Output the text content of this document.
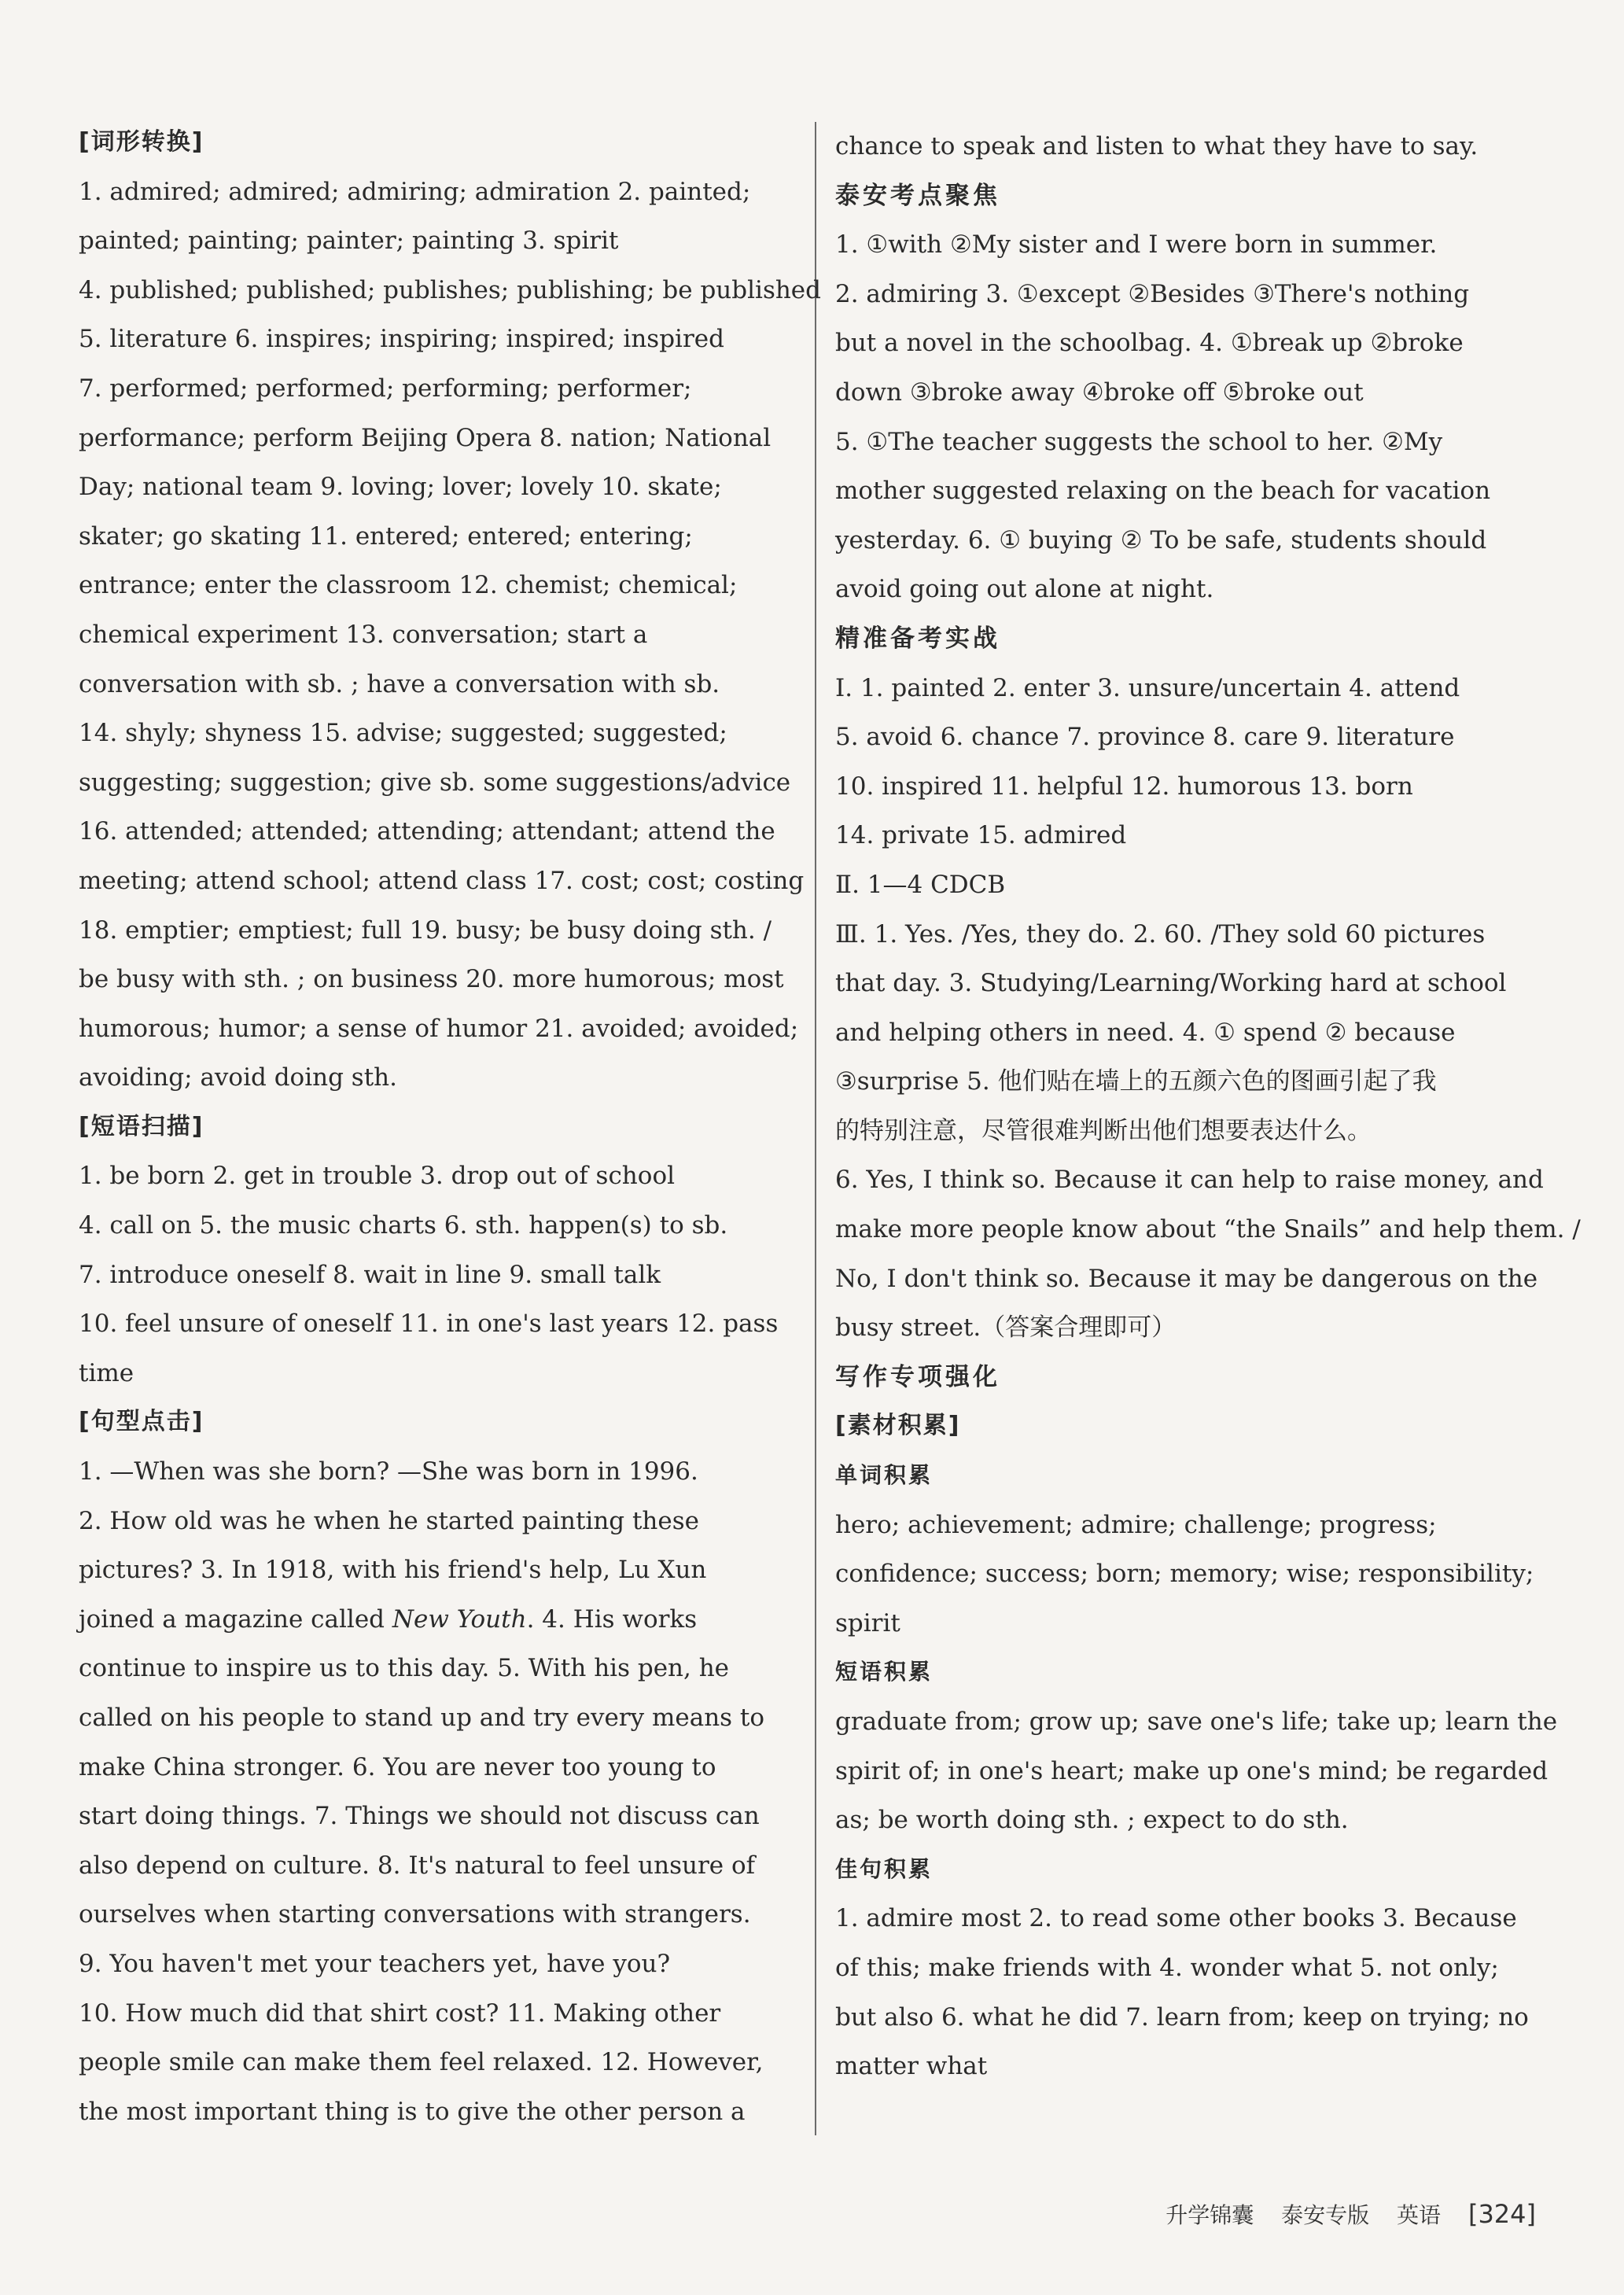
[词形转换]
1. admired; admired; admiring; admiration 2. painted;
painted; painting; painter; painting 3. spirit
4. published; published; publishes; publishing; be published
5. literature 6. inspires; inspiring; inspired; inspired
7. performed; performed; performing; performer;
performance; perform Beijing Opera 8. nation; National
Day; national team 9. loving; lover; lovely 10. skate;
skater; go skating 11. entered; entered; entering;
entrance; enter the classroom 12. chemist; chemical;
chemical experiment 13. conversation; start a
conversation with sb. ; have a conversation with sb.
14. shyly; shyness 15. advise; suggested; suggested;
suggesting; suggestion; give sb. some suggestions/advice
16. attended; attended; attending; attendant; attend the
meeting; attend school; attend class 17. cost; cost; costing
18. emptier; emptiest; full 19. busy; be busy doing sth. /
be busy with sth. ; on business 20. more humorous; most
humorous; humor; a sense of humor 21. avoided; avoided;
avoiding; avoid doing sth.
[短语扫描]
1. be born 2. get in trouble 3. drop out of school
4. call on 5. the music charts 6. sth. happen(s) to sb.
7. introduce oneself 8. wait in line 9. small talk
10. feel unsure of oneself 11. in one's last years 12. pass
time
[句型点击]
1. —When was she born? —She was born in 1996.
2. How old was he when he started painting these
pictures? 3. In 1918, with his friend's help, Lu Xun
joined a magazine called New Youth. 4. His works
continue to inspire us to this day. 5. With his pen, he
called on his people to stand up and try every means to
make China stronger. 6. You are never too young to
start doing things. 7. Things we should not discuss can
also depend on culture. 8. It's natural to feel unsure of
ourselves when starting conversations with strangers.
9. You haven't met your teachers yet, have you?
10. How much did that shirt cost? 11. Making other
people smile can make them feel relaxed. 12. However,
the most important thing is to give the other person a
chance to speak and listen to what they have to say.
泰安考点聚焦
1. ①with ②My sister and I were born in summer.
2. admiring 3. ①except ②Besides ③There's nothing
but a novel in the schoolbag. 4. ①break up ②broke
down ③broke away ④broke off ⑤broke out
5. ①The teacher suggests the school to her. ②My
mother suggested relaxing on the beach for vacation
yesterday. 6. ① buying ② To be safe, students should
avoid going out alone at night.
精准备考实战
Ⅰ. 1. painted 2. enter 3. unsure/uncertain 4. attend
5. avoid 6. chance 7. province 8. care 9. literature
10. inspired 11. helpful 12. humorous 13. born
14. private 15. admired
Ⅱ. 1—4 CDCB
Ⅲ. 1. Yes. /Yes, they do. 2. 60. /They sold 60 pictures
that day. 3. Studying/Learning/Working hard at school
and helping others in need. 4. ① spend ② because
③surprise 5. 他们贴在墙上的五颜六色的图画引起了我
的特别注意，尽管很难判断出他们想要表达什么。
6. Yes, I think so. Because it can help to raise money, and
make more people know about “the Snails” and help them. /
No, I don't think so. Because it may be dangerous on the
busy street.（答案合理即可）
写作专项强化
[素材积累]
单词积累
hero; achievement; admire; challenge; progress;
confidence; success; born; memory; wise; responsibility;
spirit
短语积累
graduate from; grow up; save one's life; take up; learn the
spirit of; in one's heart; make up one's mind; be regarded
as; be worth doing sth. ; expect to do sth.
佳句积累
1. admire most 2. to read some other books 3. Because
of this; make friends with 4. wonder what 5. not only;
but also 6. what he did 7. learn from; keep on trying; no
matter what
升学锦囊 泰安专版 英语 [324]
